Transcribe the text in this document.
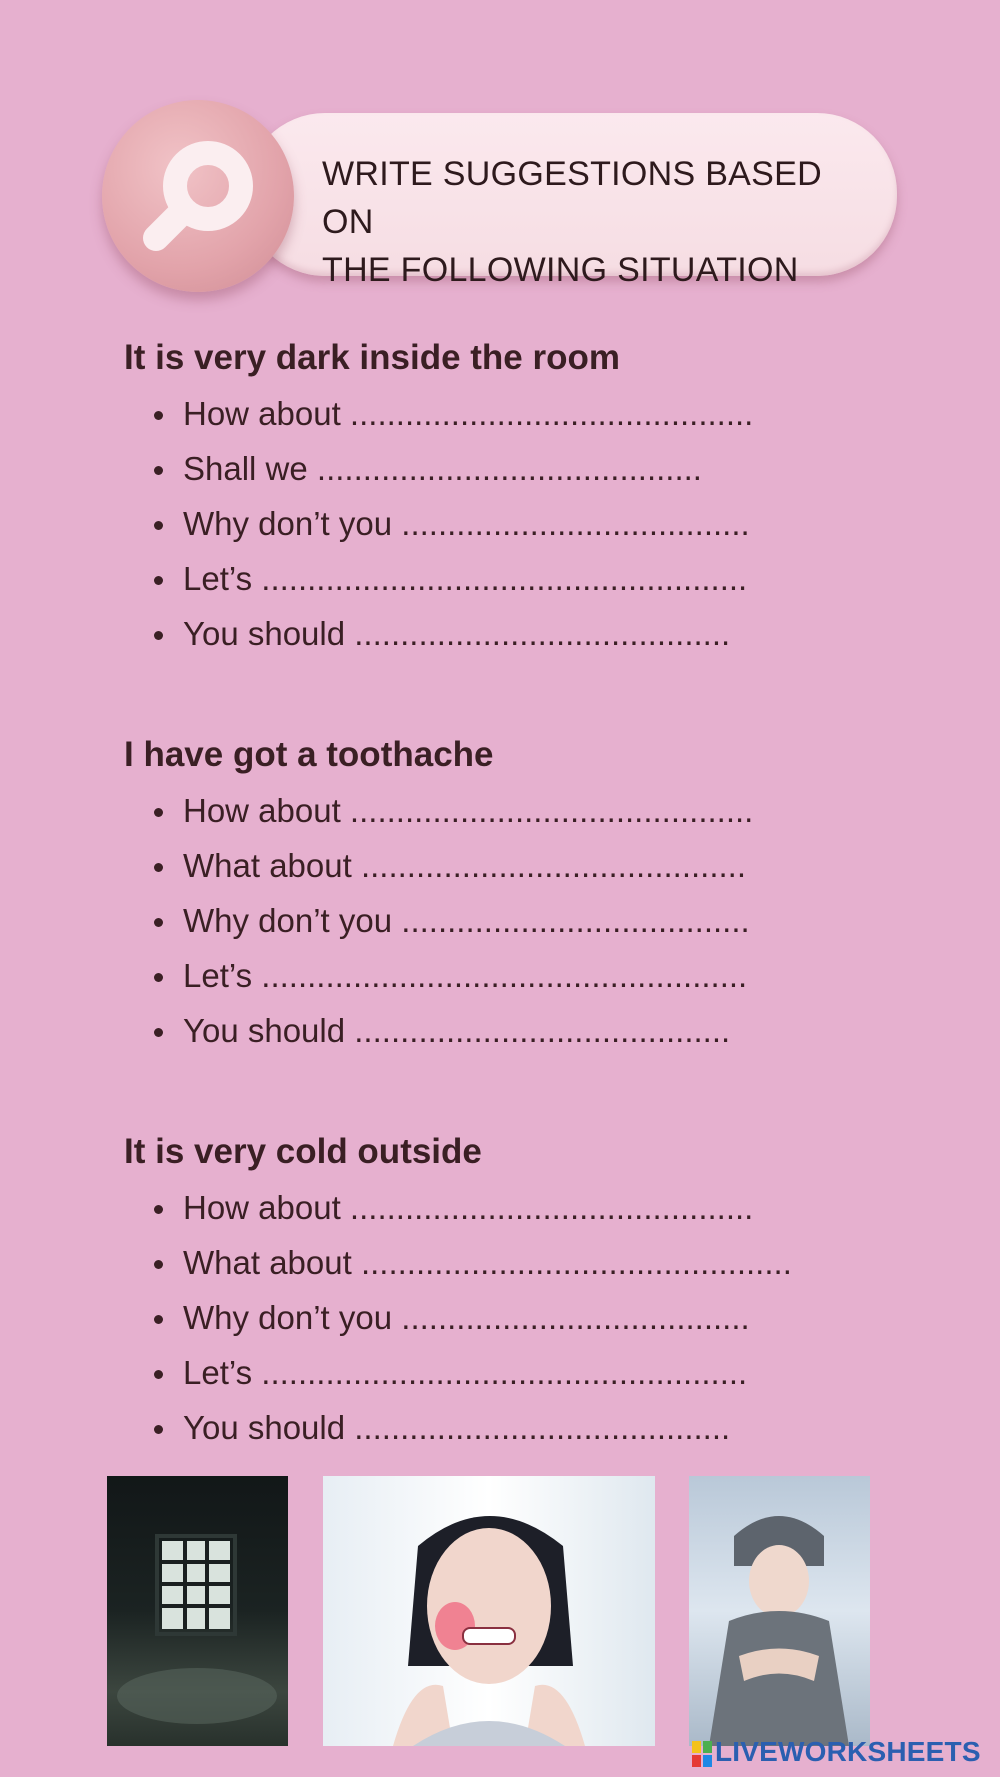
WRITE SUGGESTIONS BASED ON
THE FOLLOWING SITUATION
It is very dark inside the room
How about ............................................
Shall we ..........................................
Why don’t you ......................................
Let’s .....................................................
You should .........................................
I have got a toothache
How about ............................................
What about ..........................................
Why don’t you ......................................
Let’s .....................................................
You should .........................................
It is very cold outside
How about ............................................
What about ...............................................
Why don’t you ......................................
Let’s .....................................................
You should .........................................
LIVEWORKSHEETS
